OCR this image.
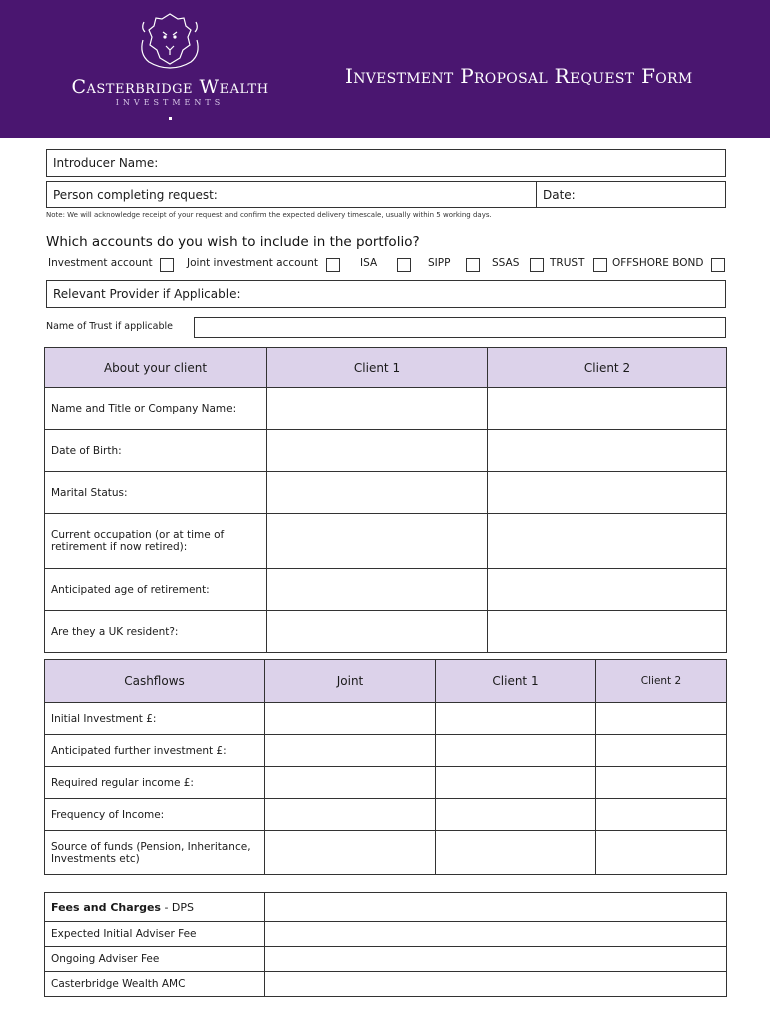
Casterbridge Wealth
INVESTMENTS
Investment Proposal Request Form
Introducer Name:
Person completing request:	Date:
Note: We will acknowledge receipt of your request and confirm the expected delivery timescale, usually within 5 working days.
Which accounts do you wish to include in the portfolio?
Investment account	Joint investment account	ISA	SIPP	SSAS	TRUST	OFFSHORE BOND
Relevant Provider if Applicable:
Name of Trust if applicable
About your client	Client 1	Client 2
Name and Title or Company Name:		
Date of Birth:		
Marital Status:		
Current occupation (or at time of retirement if now retired):		
Anticipated age of retirement:		
Are they a UK resident?:		
Cashflows	Joint	Client 1	Client 2
Initial Investment £:			
Anticipated further investment £:			
Required regular income £:			
Frequency of Income:			
Source of funds (Pension, Inheritance, Investments etc)			
Fees and Charges - DPS	
Expected Initial Adviser Fee	
Ongoing Adviser Fee	
Casterbridge Wealth AMC	
